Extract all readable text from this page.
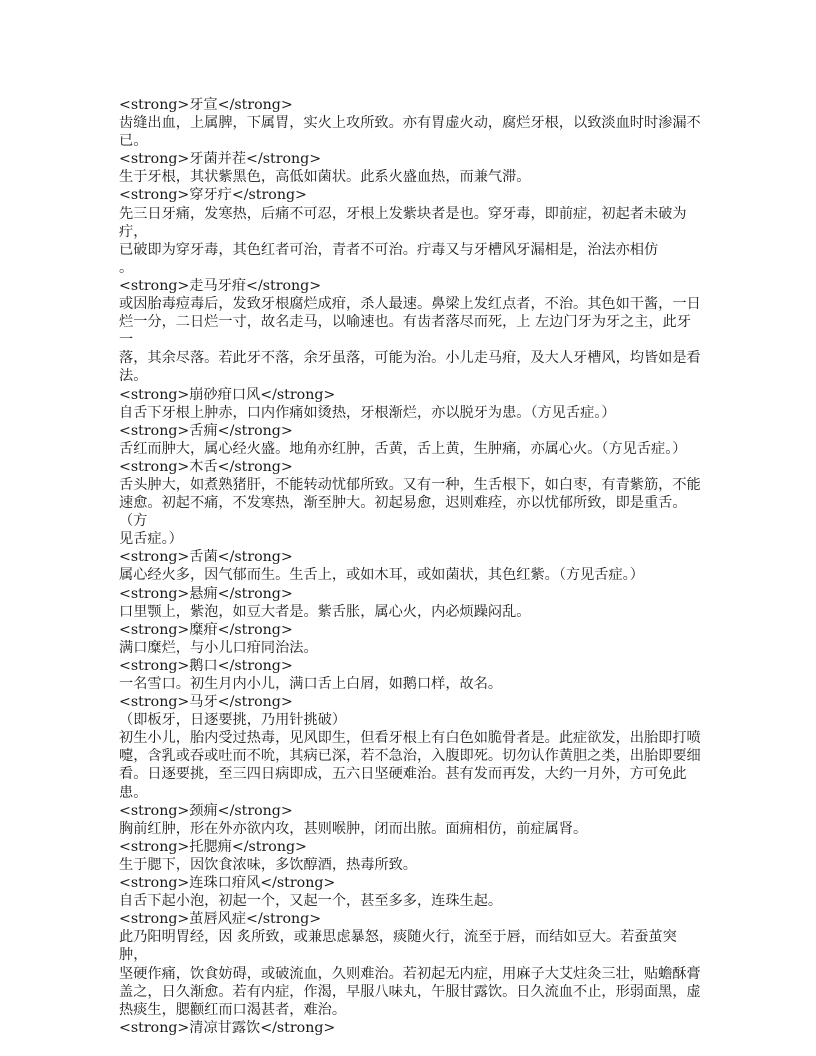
<strong>牙宣</strong>
齿缝出血，上属脾，下属胃，实火上攻所致。亦有胃虚火动，腐烂牙根，以致淡血时时渗漏不
已。
<strong>牙菌并茬</strong>
生于牙根，其状紫黑色，高低如菌状。此系火盛血热，而兼气滞。
<strong>穿牙疔</strong>
先三日牙痛，发寒热，后痛不可忍，牙根上发紫块者是也。穿牙毒，即前症，初起者未破为疔，
已破即为穿牙毒，其色红者可治，青者不可治。疔毒又与牙槽风牙漏相是，治法亦相仿
。
<strong>走马牙疳</strong>
或因胎毒痘毒后，发致牙根腐烂成疳，杀人最速。鼻梁上发红点者，不治。其色如干酱，一日
烂一分，二日烂一寸，故名走马，以喻速也。有齿者落尽而死，上 左边门牙为牙之主，此牙一
落，其余尽落。若此牙不落，余牙虽落，可能为治。小儿走马疳，及大人牙槽风，均皆如是看
法。
<strong>崩砂疳口风</strong>
自舌下牙根上肿赤，口内作痛如烫热，牙根渐烂，亦以脱牙为患。（方见舌症。）
<strong>舌痈</strong>
舌红而肿大，属心经火盛。地角亦红肿，舌黄，舌上黄，生肿痛，亦属心火。（方见舌症。）
<strong>木舌</strong>
舌头肿大，如煮熟猪肝，不能转动忧郁所致。又有一种，生舌根下，如白枣，有青紫筋，不能
速愈。初起不痛，不发寒热，渐至肿大。初起易愈，迟则难痊，亦以忧郁所致，即是重舌。（方
见舌症。）
<strong>舌菌</strong>
属心经火多，因气郁而生。生舌上，或如木耳，或如菌状，其色红紫。（方见舌症。）
<strong>悬痈</strong>
口里颚上，紫泡，如豆大者是。紫舌胀，属心火，内必烦躁闷乱。
<strong>糜疳</strong>
满口糜烂，与小儿口疳同治法。
<strong>鹅口</strong>
一名雪口。初生月内小儿，满口舌上白屑，如鹅口样，故名。
<strong>马牙</strong>
（即板牙，日逐要挑，乃用针挑破）
初生小儿，胎内受过热毒，见风即生，但看牙根上有白色如脆骨者是。此症欲发，出胎即打喷
嚏，含乳或吞或吐而不吮，其病已深，若不急治，入腹即死。切勿认作黄胆之类，出胎即要细
看。日逐要挑，至三四日病即成，五六日坚硬难治。甚有发而再发，大约一月外，方可免此患。
<strong>颈痈</strong>
胸前红肿，形在外亦欲内攻，甚则喉肿，闭而出脓。面痈相仿，前症属肾。
<strong>托腮痈</strong>
生于腮下，因饮食浓味，多饮醇酒，热毒所致。
<strong>连珠口疳风</strong>
自舌下起小泡，初起一个，又起一个，甚至多多，连珠生起。
<strong>茧唇风症</strong>
此乃阳明胃经，因 炙所致，或兼思虑暴怒，痰随火行，流至于唇，而结如豆大。若蚕茧突肿，
坚硬作痛，饮食妨碍，或破流血，久则难治。若初起无内症，用麻子大艾炷灸三壮，贴蟾酥膏
盖之，日久渐愈。若有内症，作渴，早服八味丸，午服甘露饮。日久流血不止，形弱面黑，虚
热痰生，腮颧红而口渴甚者，难治。
<strong>清凉甘露饮</strong>
